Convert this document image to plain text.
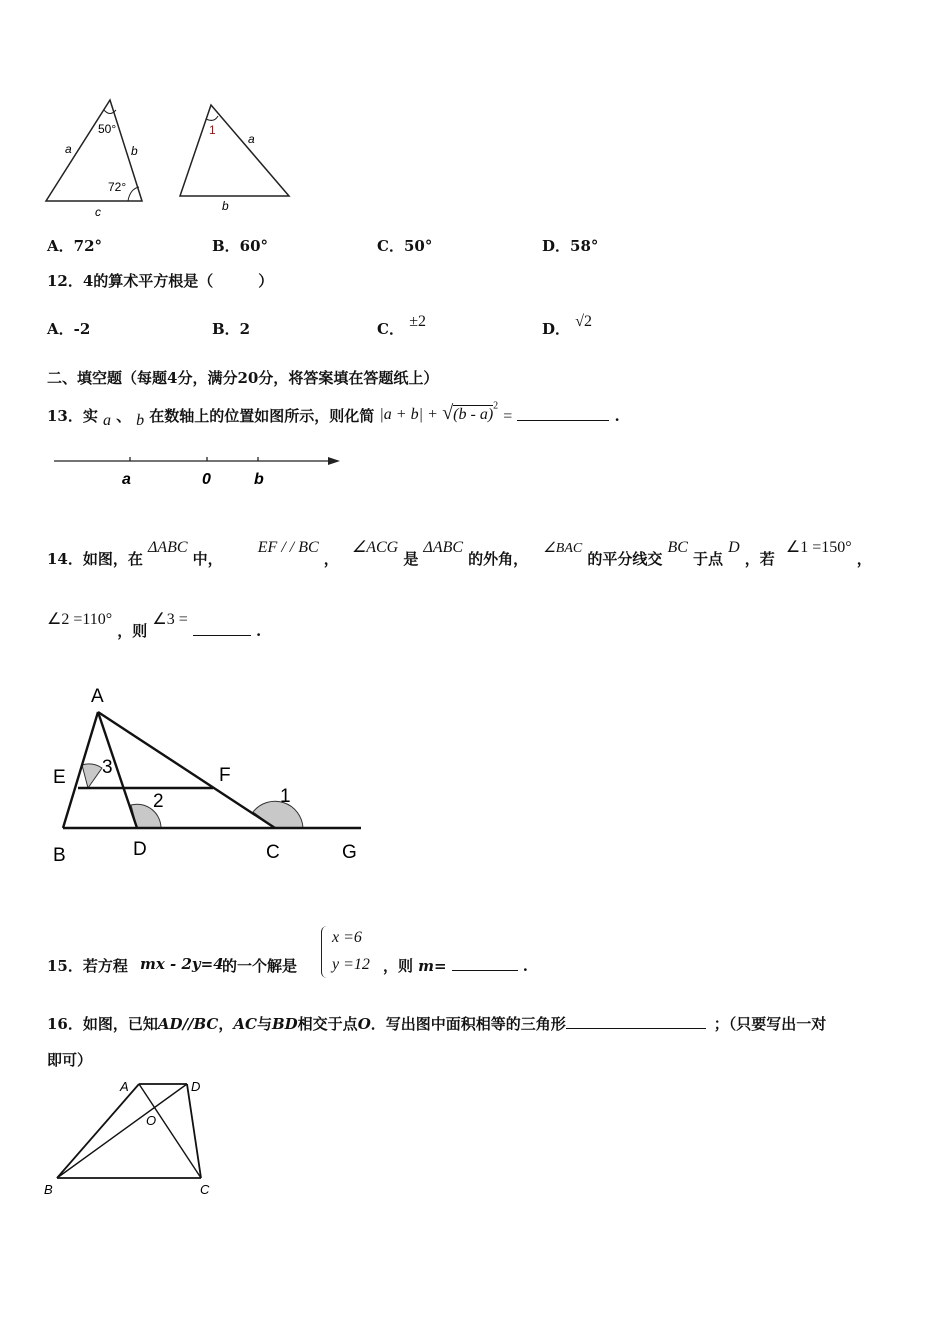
a	b
c
50°
72°
1
a
b
A．72°	B．60°	C．50°	D．58°
12．4的算术平方根是（　　　）
A．-2	B．2	C． ±2	D． √2
二、填空题（每题4分，满分20分，将答案填在答题纸上）
13．实 a 、 b 在数轴上的位置如图所示，则化简 |a + b| + √(b - a)$^2$ =	.
a	0	b
14．如图，在 ΔABC 中， EF / / BC ， ∠ACG 是 ΔABC 的外角， ∠BAC 的平分线交 BC 于点 D ，若 ∠1 =150° ，
∠2 =110° ，则 ∠3 =  .
A
E	F
B	D	C	G
1
2
3
15．若方程 mx - 2y=4
的一个解是
x =6
y =12 ，则 m=	.
16．如图，已知AD//BC，AC与BD相交于点O．写出图中面积相等的三角形	；（只要写出一对
即可）
A	D
O
B	C
